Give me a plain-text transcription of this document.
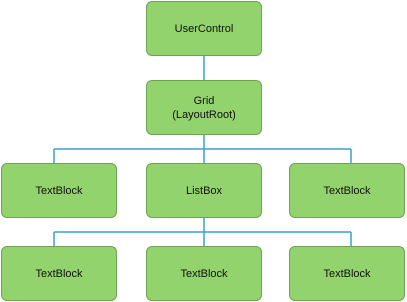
UserControl
Grid
(LayoutRoot)
TextBlock	ListBox	TextBlock
TextBlock	TextBlock	TextBlock
